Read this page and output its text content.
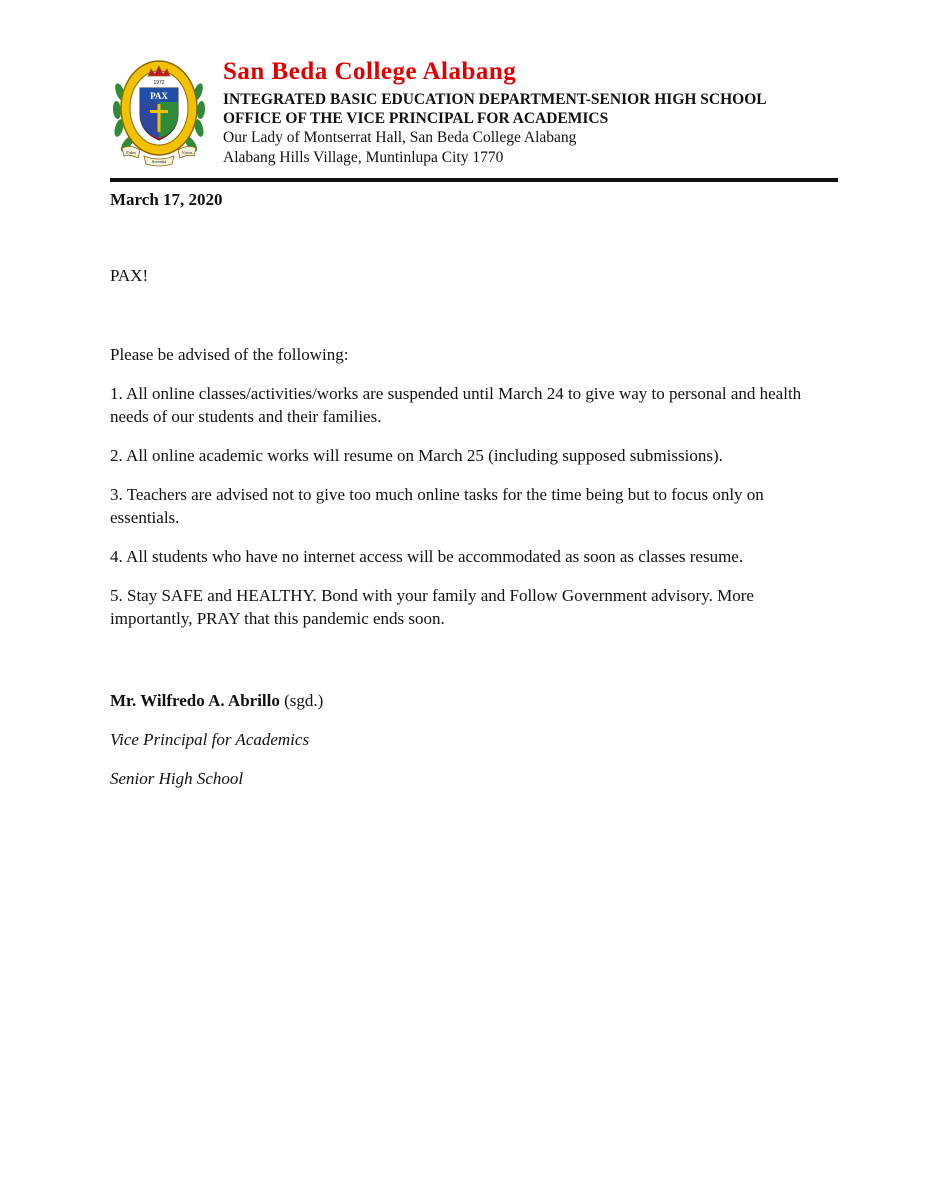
1972
PAX
Fides
Scientia
Virtus
San Beda College Alabang
INTEGRATED BASIC EDUCATION DEPARTMENT-SENIOR HIGH SCHOOL
OFFICE OF THE VICE PRINCIPAL FOR ACADEMICS
Our Lady of Montserrat Hall, San Beda College Alabang
Alabang Hills Village, Muntinlupa City 1770

March 17, 2020

PAX!

Please be advised of the following:

1. All online classes/activities/works are suspended until March 24 to give way to personal and health needs of our students and their families.

2. All online academic works will resume on March 25 (including supposed submissions).

3. Teachers are advised not to give too much online tasks for the time being but to focus only on essentials.

4. All students who have no internet access will be accommodated as soon as classes resume.

5. Stay SAFE and HEALTHY. Bond with your family and Follow Government advisory. More importantly, PRAY that this pandemic ends soon.

Mr. Wilfredo A. Abrillo (sgd.)

Vice Principal for Academics

Senior High School
